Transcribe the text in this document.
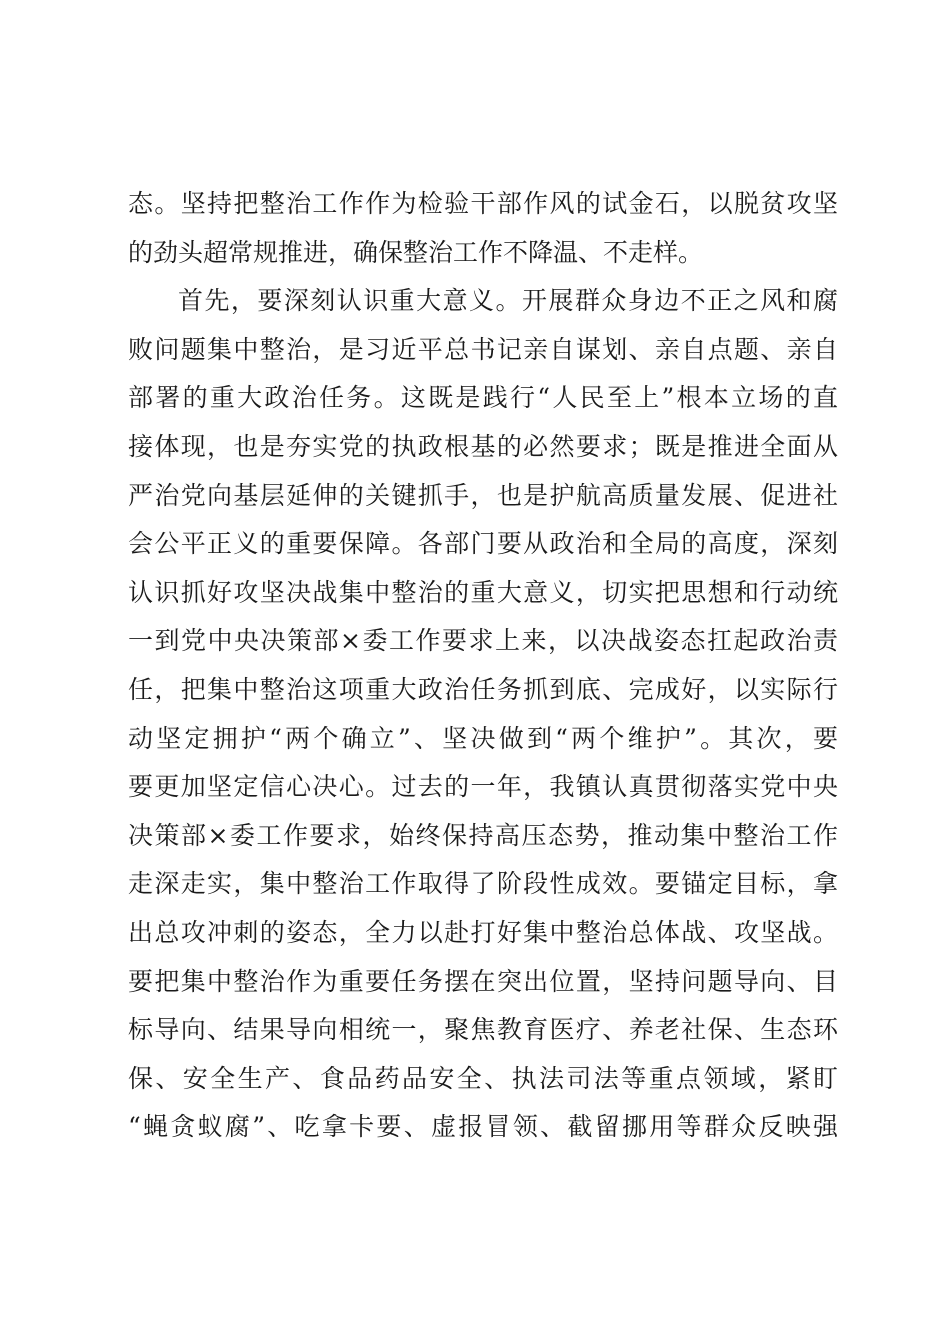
态。坚持把整治工作作为检验干部作风的试金石，以脱贫攻坚
的劲头超常规推进，确保整治工作不降温、不走样。
首先，要深刻认识重大意义。开展群众身边不正之风和腐
败问题集中整治，是习近平总书记亲自谋划、亲自点题、亲自
部署的重大政治任务。这既是践行“人民至上”根本立场的直
接体现，也是夯实党的执政根基的必然要求；既是推进全面从
严治党向基层延伸的关键抓手，也是护航高质量发展、促进社
会公平正义的重要保障。各部门要从政治和全局的高度，深刻
认识抓好攻坚决战集中整治的重大意义，切实把思想和行动统
一到党中央决策部×委工作要求上来，以决战姿态扛起政治责
任，把集中整治这项重大政治任务抓到底、完成好，以实际行
动坚定拥护“两个确立”、坚决做到“两个维护”。其次，要
要更加坚定信心决心。过去的一年，我镇认真贯彻落实党中央
决策部×委工作要求，始终保持高压态势，推动集中整治工作
走深走实，集中整治工作取得了阶段性成效。要锚定目标，拿
出总攻冲刺的姿态，全力以赴打好集中整治总体战、攻坚战。
要把集中整治作为重要任务摆在突出位置，坚持问题导向、目
标导向、结果导向相统一，聚焦教育医疗、养老社保、生态环
保、安全生产、食品药品安全、执法司法等重点领域，紧盯
“蝇贪蚁腐”、吃拿卡要、虚报冒领、截留挪用等群众反映强
